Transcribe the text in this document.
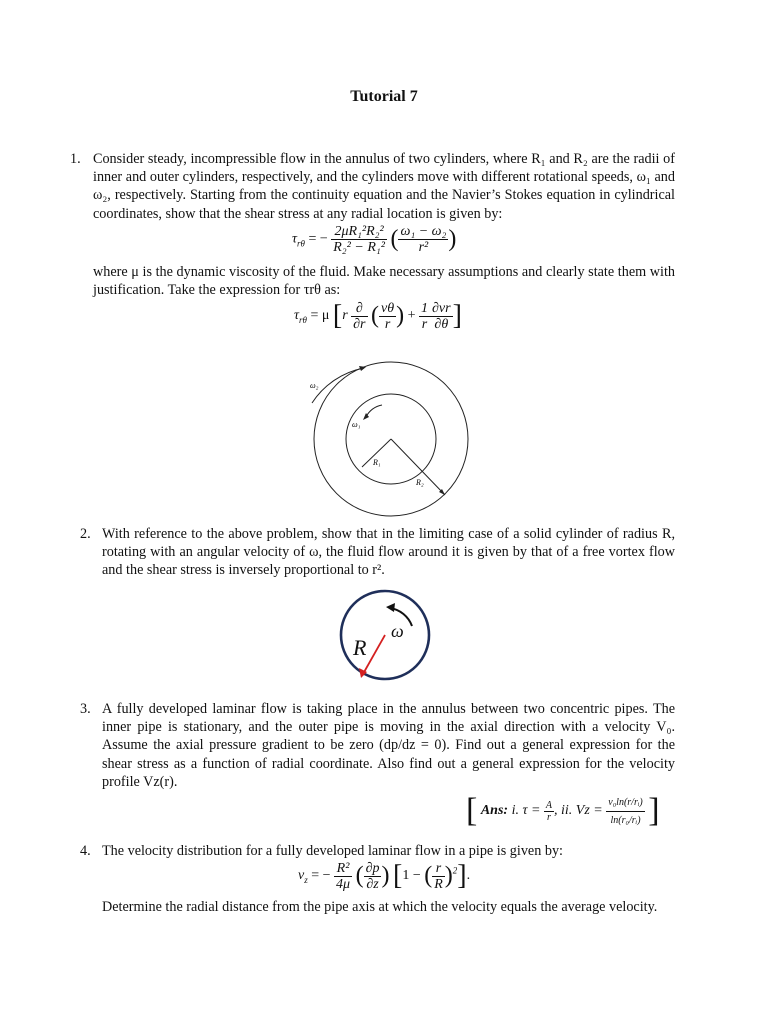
Tutorial 7
1. Consider steady, incompressible flow in the annulus of two cylinders, where R₁ and R₂ are the radii of inner and outer cylinders, respectively, and the cylinders move with different rotational speeds, ω₁ and ω₂, respectively. Starting from the continuity equation and the Navier’s Stokes equation in cylindrical coordinates, show that the shear stress at any radial location is given by:
$\tau_{r\theta}$ = − $\frac{\text{2μR₁²R₂²}}{\text{R₂² − R₁²}}$ ( $\frac{\text{ω₁ − ω₂}}{\text{r²}}$ )
where μ is the dynamic viscosity of the fluid. Make necessary assumptions and clearly state them with justification. Take the expression for τrθ as:
$\tau_{r\theta} = \mu$ [$r \frac{\partial}{\partial r}$ ( $\frac{v\theta}{r}$ ) + $\frac{1}{r} \frac{\partial vr}{\partial\theta}$ ]
ω₂
ω₁
R₁
R₂
2. With reference to the above problem, show that in the limiting case of a solid cylinder of radius R, rotating with an angular velocity of ω, the fluid flow around it is given by that of a free vortex flow and the shear stress is inversely proportional to r².
R
ω
3. A fully developed laminar flow is taking place in the annulus between two concentric pipes. The inner pipe is stationary, and the outer pipe is moving in the axial direction with a velocity V₀. Assume the axial pressure gradient to be zero (dp/dz = 0). Find out a general expression for the shear stress as a function of radial coordinate. Also find out a general expression for the velocity profile Vz(r).
[ Ans: i. $\tau = \frac{A}{r}$ , ii. $Vz = \frac{\text{v₀ln(r/rᵢ)}}{\text{ln(r₀/rᵢ)}}$ ]
4. The velocity distribution for a fully developed laminar flow in a pipe is given by:
$v_z$ = − $\frac{\text{R²}}{4\mu}$ ( $\frac{\partial p}{\partial z}$ ) [1 − ( $\frac{r}{R} )^2$].
Determine the radial distance from the pipe axis at which the velocity equals the average velocity.
